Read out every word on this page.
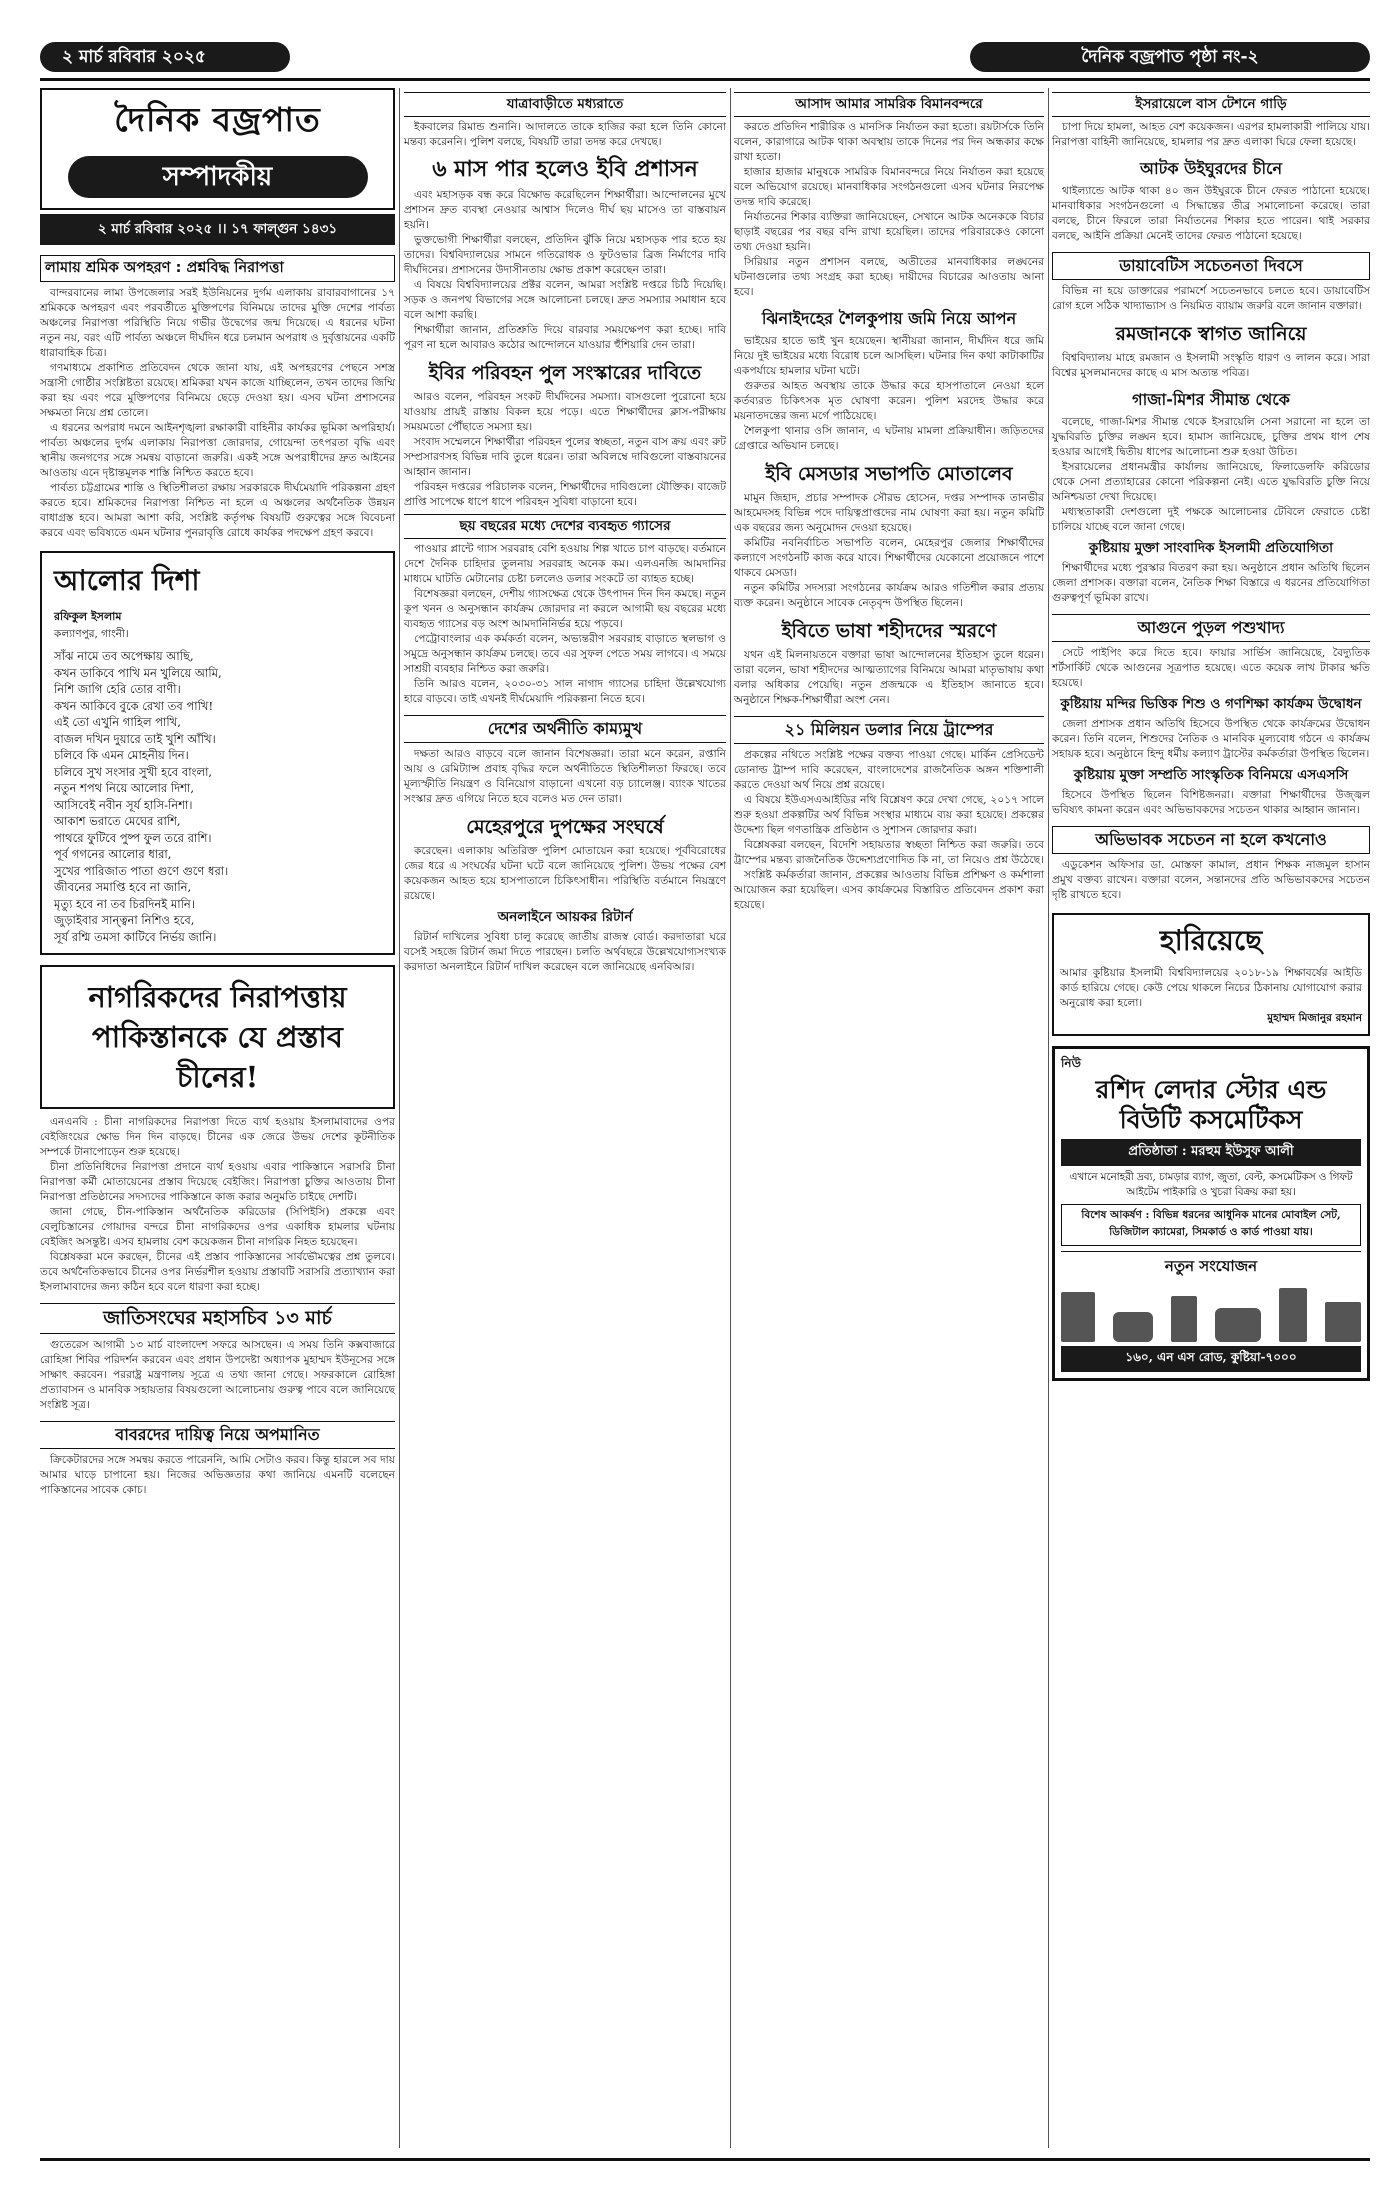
২ মার্চ রবিবার ২০২৫	দৈনিক বজ্রপাত পৃষ্ঠা নং-২
দৈনিক বজ্রপাত
সম্পাদকীয়
২ মার্চ রবিবার ২০২৫ ।। ১৭ ফাল্গুন ১৪৩১
লামায় শ্রমিক অপহরণ : প্রশ্নবিদ্ধ নিরাপত্তা

বান্দরবানের লামা উপজেলার সরই ইউনিয়নের দুর্গম এলাকায় রাবারবাগানের ১৭ শ্রমিককে অপহরণ এবং পরবর্তীতে মুক্তিপণের বিনিময়ে তাদের মুক্তি দেশের পার্বত্য অঞ্চলের নিরাপত্তা পরিস্থিতি নিয়ে গভীর উদ্বেগের জন্ম দিয়েছে। এ ধরনের ঘটনা নতুন নয়, বরং এটি পার্বত্য অঞ্চলে দীর্ঘদিন ধরে চলমান অপরাধ ও দুর্বৃত্তায়নের একটি ধারাবাহিক চিত্র।

গণমাধ্যমে প্রকাশিত প্রতিবেদন থেকে জানা যায়, এই অপহরণের পেছনে সশস্ত্র সন্ত্রাসী গোষ্ঠীর সংশ্লিষ্টতা রয়েছে। শ্রমিকরা যখন কাজে যাচ্ছিলেন, তখন তাদের জিম্মি করা হয় এবং পরে মুক্তিপণের বিনিময়ে ছেড়ে দেওয়া হয়। এসব ঘটনা প্রশাসনের সক্ষমতা নিয়ে প্রশ্ন তোলে।

এ ধরনের অপরাধ দমনে আইনশৃঙ্খলা রক্ষাকারী বাহিনীর কার্যকর ভূমিকা অপরিহার্য। পার্বত্য অঞ্চলের দুর্গম এলাকায় নিরাপত্তা জোরদার, গোয়েন্দা তৎপরতা বৃদ্ধি এবং স্থানীয় জনগণের সঙ্গে সমন্বয় বাড়ানো জরুরি। একই সঙ্গে অপরাধীদের দ্রুত আইনের আওতায় এনে দৃষ্টান্তমূলক শাস্তি নিশ্চিত করতে হবে।

পার্বত্য চট্টগ্রামের শান্তি ও স্থিতিশীলতা রক্ষায় সরকারকে দীর্ঘমেয়াদি পরিকল্পনা গ্রহণ করতে হবে। শ্রমিকদের নিরাপত্তা নিশ্চিত না হলে এ অঞ্চলের অর্থনৈতিক উন্নয়ন বাধাগ্রস্ত হবে। আমরা আশা করি, সংশ্লিষ্ট কর্তৃপক্ষ বিষয়টি গুরুত্বের সঙ্গে বিবেচনা করবে এবং ভবিষ্যতে এমন ঘটনার পুনরাবৃত্তি রোধে কার্যকর পদক্ষেপ গ্রহণ করবে।

আলোর দিশা
রফিকুল ইসলাম
কল্যাণপুর, গাংনী।
সাঁঝ নামে তব অপেক্ষায় আছি,
কখন ডাকিবে পাখি মন খুলিয়ে আমি,
নিশি জাগি হেরি তোর বাণী।
কখন আকিবে বুকে রেখা তব পাখি!
এই তো এখুনি গাহিল পাখি,
বাজল দখিন দুয়ারে তাই খুশি আঁখি।
চলিবে কি এমন মোহনীয় দিন।
চলিবে সুখ সংসার সুখী হবে বাংলা,
নতুন শপথ নিয়ে আলোর দিশা,
আসিবেই নবীন সূর্য হাসি-নিশা।
আকাশ ভরাতে মেঘের রাশি,
পাথরে ফুটিবে পুষ্প ফুল তরে রাশি।
পূর্ব গগনের আলোর ধারা,
সুখের পারিজাত পাতা গুণে গুণে ধরা।
জীবনের সমাপ্তি হবে না জানি,
মৃত্যু হবে না তব চিরদিনই মানি।
জুড়াইবার সান্ত্বনা নিশিও হবে,
সূর্য রশ্মি তমসা কাটিবে নির্ভয় জানি।
নাগরিকদের নিরাপত্তায় পাকিস্তানকে যে প্রস্তাব চীনের!

এনএনবি : চীনা নাগরিকদের নিরাপত্তা দিতে ব্যর্থ হওয়ায় ইসলামাবাদের ওপর বেইজিংয়ের ক্ষোভ দিন দিন বাড়ছে। চীনের এক জেরে উভয় দেশের কূটনীতিক সম্পর্কে টানাপোড়েন শুরু হয়েছে।

চীনা প্রতিনিধিদের নিরাপত্তা প্রদানে ব্যর্থ হওয়ায় এবার পাকিস্তানে সরাসরি চীনা নিরাপত্তা কর্মী মোতায়েনের প্রস্তাব দিয়েছে বেইজিং। নিরাপত্তা চুক্তির আওতায় চীনা নিরাপত্তা প্রতিষ্ঠানের সদস্যদের পাকিস্তানে কাজ করার অনুমতি চাইছে দেশটি।

জানা গেছে, চীন-পাকিস্তান অর্থনৈতিক করিডোর (সিপিইসি) প্রকল্পে এবং বেলুচিস্তানের গোয়াদর বন্দরে চীনা নাগরিকদের ওপর একাধিক হামলার ঘটনায় বেইজিং অসন্তুষ্ট। এসব হামলায় বেশ কয়েকজন চীনা নাগরিক নিহত হয়েছেন।

বিশ্লেষকরা মনে করছেন, চীনের এই প্রস্তাব পাকিস্তানের সার্বভৌমত্বের প্রশ্ন তুলবে। তবে অর্থনৈতিকভাবে চীনের ওপর নির্ভরশীল হওয়ায় প্রস্তাবটি সরাসরি প্রত্যাখ্যান করা ইসলামাবাদের জন্য কঠিন হবে বলে ধারণা করা হচ্ছে।

জাতিসংঘের মহাসচিব ১৩ মার্চ

গুতেরেস আগামী ১৩ মার্চ বাংলাদেশ সফরে আসছেন। এ সময় তিনি কক্সবাজারে রোহিঙ্গা শিবির পরিদর্শন করবেন এবং প্রধান উপদেষ্টা অধ্যাপক মুহাম্মদ ইউনূসের সঙ্গে সাক্ষাৎ করবেন। পররাষ্ট্র মন্ত্রণালয় সূত্রে এ তথ্য জানা গেছে। সফরকালে রোহিঙ্গা প্রত্যাবাসন ও মানবিক সহায়তার বিষয়গুলো আলোচনায় গুরুত্ব পাবে বলে জানিয়েছে সংশ্লিষ্ট সূত্র।

বাবরদের দায়িত্ব নিয়ে অপমানিত

ক্রিকেটারদের সঙ্গে সমন্বয় করতে পারেননি, আমি সেটাও করব। কিন্তু হারলে সব দায় আমার ঘাড়ে চাপানো হয়। নিজের অভিজ্ঞতার কথা জানিয়ে এমনটি বলেছেন পাকিস্তানের সাবেক কোচ।

যাত্রাবাড়ীতে মধ্যরাতে

ইকবালের রিমান্ড শুনানি। আদালতে তাকে হাজির করা হলে তিনি কোনো মন্তব্য করেননি। পুলিশ বলছে, বিষয়টি তারা তদন্ত করে দেখছে।

৬ মাস পার হলেও ইবি প্রশাসন

এবং মহাসড়ক বন্ধ করে বিক্ষোভ করেছিলেন শিক্ষার্থীরা। আন্দোলনের মুখে প্রশাসন দ্রুত ব্যবস্থা নেওয়ার আশ্বাস দিলেও দীর্ঘ ছয় মাসেও তা বাস্তবায়ন হয়নি।

ভুক্তভোগী শিক্ষার্থীরা বলছেন, প্রতিদিন ঝুঁকি নিয়ে মহাসড়ক পার হতে হয় তাদের। বিশ্ববিদ্যালয়ের সামনে গতিরোধক ও ফুটওভার ব্রিজ নির্মাণের দাবি দীর্ঘদিনের। প্রশাসনের উদাসীনতায় ক্ষোভ প্রকাশ করেছেন তারা।

এ বিষয়ে বিশ্ববিদ্যালয়ের প্রক্টর বলেন, আমরা সংশ্লিষ্ট দপ্তরে চিঠি দিয়েছি। সড়ক ও জনপথ বিভাগের সঙ্গে আলোচনা চলছে। দ্রুত সমস্যার সমাধান হবে বলে আশা করছি।

শিক্ষার্থীরা জানান, প্রতিশ্রুতি দিয়ে বারবার সময়ক্ষেপণ করা হচ্ছে। দাবি পূরণ না হলে আবারও কঠোর আন্দোলনে যাওয়ার হুঁশিয়ারি দেন তারা।

ইবির পরিবহন পুল সংস্কারের দাবিতে

আরও বলেন, পরিবহন সংকট দীর্ঘদিনের সমস্যা। বাসগুলো পুরোনো হয়ে যাওয়ায় প্রায়ই রাস্তায় বিকল হয়ে পড়ে। এতে শিক্ষার্থীদের ক্লাস-পরীক্ষায় সময়মতো পৌঁছাতে সমস্যা হয়।

সংবাদ সম্মেলনে শিক্ষার্থীরা পরিবহন পুলের স্বচ্ছতা, নতুন বাস ক্রয় এবং রুট সম্প্রসারণসহ বিভিন্ন দাবি তুলে ধরেন। তারা অবিলম্বে দাবিগুলো বাস্তবায়নের আহ্বান জানান।

পরিবহন দপ্তরের পরিচালক বলেন, শিক্ষার্থীদের দাবিগুলো যৌক্তিক। বাজেট প্রাপ্তি সাপেক্ষে ধাপে ধাপে পরিবহন সুবিধা বাড়ানো হবে।

ছয় বছরের মধ্যে দেশের ব্যবহৃত গ্যাসের

পাওয়ার প্লান্টে গ্যাস সরবরাহ বেশি হওয়ায় শিল্প খাতে চাপ বাড়ছে। বর্তমানে দেশে দৈনিক চাহিদার তুলনায় সরবরাহ অনেক কম। এলএনজি আমদানির মাধ্যমে ঘাটতি মেটানোর চেষ্টা চললেও ডলার সংকটে তা ব্যাহত হচ্ছে।

বিশেষজ্ঞরা বলছেন, দেশীয় গ্যাসক্ষেত্র থেকে উৎপাদন দিন দিন কমছে। নতুন কূপ খনন ও অনুসন্ধান কার্যক্রম জোরদার না করলে আগামী ছয় বছরের মধ্যে ব্যবহৃত গ্যাসের বড় অংশ আমদানিনির্ভর হয়ে পড়বে।

পেট্রোবাংলার এক কর্মকর্তা বলেন, অভ্যন্তরীণ সরবরাহ বাড়াতে স্থলভাগ ও সমুদ্রে অনুসন্ধান কার্যক্রম চলছে। তবে এর সুফল পেতে সময় লাগবে। এ সময়ে সাশ্রয়ী ব্যবহার নিশ্চিত করা জরুরি।

তিনি আরও বলেন, ২০৩০-৩১ সাল নাগাদ গ্যাসের চাহিদা উল্লেখযোগ্য হারে বাড়বে। তাই এখনই দীর্ঘমেয়াদি পরিকল্পনা নিতে হবে।

দেশের অর্থনীতি কাম্যমুখ

দক্ষতা আরও বাড়বে বলে জানান বিশেষজ্ঞরা। তারা মনে করেন, রপ্তানি আয় ও রেমিট্যান্স প্রবাহ বৃদ্ধির ফলে অর্থনীতিতে স্থিতিশীলতা ফিরছে। তবে মূল্যস্ফীতি নিয়ন্ত্রণ ও বিনিয়োগ বাড়ানো এখনো বড় চ্যালেঞ্জ। ব্যাংক খাতের সংস্কার দ্রুত এগিয়ে নিতে হবে বলেও মত দেন তারা।

মেহেরপুরে দুপক্ষের সংঘর্ষে

করেছেন। এলাকায় অতিরিক্ত পুলিশ মোতায়েন করা হয়েছে। পূর্ববিরোধের জের ধরে এ সংঘর্ষের ঘটনা ঘটে বলে জানিয়েছে পুলিশ। উভয় পক্ষের বেশ কয়েকজন আহত হয়ে হাসপাতালে চিকিৎসাধীন। পরিস্থিতি বর্তমানে নিয়ন্ত্রণে রয়েছে।

অনলাইনে আয়কর রিটার্ন

রিটার্ন দাখিলের সুবিধা চালু করেছে জাতীয় রাজস্ব বোর্ড। করদাতারা ঘরে বসেই সহজে রিটার্ন জমা দিতে পারছেন। চলতি অর্থবছরে উল্লেখযোগ্যসংখ্যক করদাতা অনলাইনে রিটার্ন দাখিল করেছেন বলে জানিয়েছে এনবিআর।

আসাদ আমার সামরিক বিমানবন্দরে

করতে প্রতিদিন শারীরিক ও মানসিক নির্যাতন করা হতো। রয়টার্সকে তিনি বলেন, কারাগারে আটক থাকা অবস্থায় তাকে দিনের পর দিন অন্ধকার কক্ষে রাখা হতো।

হাজার হাজার মানুষকে সামরিক বিমানবন্দরে নিয়ে নির্যাতন করা হয়েছে বলে অভিযোগ রয়েছে। মানবাধিকার সংগঠনগুলো এসব ঘটনার নিরপেক্ষ তদন্ত দাবি করেছে।

নির্যাতনের শিকার ব্যক্তিরা জানিয়েছেন, সেখানে আটক অনেককে বিচার ছাড়াই বছরের পর বছর বন্দি রাখা হয়েছিল। তাদের পরিবারকেও কোনো তথ্য দেওয়া হয়নি।

সিরিয়ার নতুন প্রশাসন বলছে, অতীতের মানবাধিকার লঙ্ঘনের ঘটনাগুলোর তথ্য সংগ্রহ করা হচ্ছে। দায়ীদের বিচারের আওতায় আনা হবে।

ঝিনাইদহের শৈলকুপায় জমি নিয়ে আপন

ভাইয়ের হাতে ভাই খুন হয়েছেন। স্থানীয়রা জানান, দীর্ঘদিন ধরে জমি নিয়ে দুই ভাইয়ের মধ্যে বিরোধ চলে আসছিল। ঘটনার দিন কথা কাটাকাটির একপর্যায়ে হামলার ঘটনা ঘটে।

গুরুতর আহত অবস্থায় তাকে উদ্ধার করে হাসপাতালে নেওয়া হলে কর্তব্যরত চিকিৎসক মৃত ঘোষণা করেন। পুলিশ মরদেহ উদ্ধার করে ময়নাতদন্তের জন্য মর্গে পাঠিয়েছে।

শৈলকুপা থানার ওসি জানান, এ ঘটনায় মামলা প্রক্রিয়াধীন। জড়িতদের গ্রেপ্তারে অভিযান চলছে।

ইবি মেসডার সভাপতি মোতালেব

মামুন জিহাদ, প্রচার সম্পাদক সৌরভ হোসেন, দপ্তর সম্পাদক তানভীর আহমেদসহ বিভিন্ন পদে দায়িত্বপ্রাপ্তদের নাম ঘোষণা করা হয়। নতুন কমিটি এক বছরের জন্য অনুমোদন দেওয়া হয়েছে।

কমিটির নবনির্বাচিত সভাপতি বলেন, মেহেরপুর জেলার শিক্ষার্থীদের কল্যাণে সংগঠনটি কাজ করে যাবে। শিক্ষার্থীদের যেকোনো প্রয়োজনে পাশে থাকবে মেসডা।

নতুন কমিটির সদস্যরা সংগঠনের কার্যক্রম আরও গতিশীল করার প্রত্যয় ব্যক্ত করেন। অনুষ্ঠানে সাবেক নেতৃবৃন্দ উপস্থিত ছিলেন।

ইবিতে ভাষা শহীদদের স্মরণে

যথন এই মিলনায়তনে বক্তারা ভাষা আন্দোলনের ইতিহাস তুলে ধরেন। তারা বলেন, ভাষা শহীদদের আত্মত্যাগের বিনিময়ে আমরা মাতৃভাষায় কথা বলার অধিকার পেয়েছি। নতুন প্রজন্মকে এ ইতিহাস জানাতে হবে। অনুষ্ঠানে শিক্ষক-শিক্ষার্থীরা অংশ নেন।

২১ মিলিয়ন ডলার নিয়ে ট্রাম্পের

প্রকল্পের নথিতে সংশ্লিষ্ট পক্ষের বক্তব্য পাওয়া গেছে। মার্কিন প্রেসিডেন্ট ডোনাল্ড ট্রাম্প দাবি করেছেন, বাংলাদেশের রাজনৈতিক অঙ্গন শক্তিশালী করতে দেওয়া অর্থ নিয়ে প্রশ্ন রয়েছে।

এ বিষয়ে ইউএসএআইডির নথি বিশ্লেষণ করে দেখা গেছে, ২০১৭ সালে শুরু হওয়া প্রকল্পটির অর্থ বিভিন্ন সংস্থার মাধ্যমে ব্যয় করা হয়েছে। প্রকল্পের উদ্দেশ্য ছিল গণতান্ত্রিক প্রতিষ্ঠান ও সুশাসন জোরদার করা।

বিশ্লেষকরা বলছেন, বিদেশি সহায়তার স্বচ্ছতা নিশ্চিত করা জরুরি। তবে ট্রাম্পের মন্তব্য রাজনৈতিক উদ্দেশ্যপ্রণোদিত কি না, তা নিয়েও প্রশ্ন উঠেছে।

সংশ্লিষ্ট কর্মকর্তারা জানান, প্রকল্পের আওতায় বিভিন্ন প্রশিক্ষণ ও কর্মশালা আয়োজন করা হয়েছিল। এসব কার্যক্রমের বিস্তারিত প্রতিবেদন প্রকাশ করা হয়েছে।

ইসরায়েলে বাস টেশনে গাড়ি

চাপা দিয়ে হামলা, আহত বেশ কয়েকজন। এরপর হামলাকারী পালিয়ে যায়। নিরাপত্তা বাহিনী জানিয়েছে, হামলার পর দ্রুত এলাকা ঘিরে ফেলা হয়েছে।

আটক উইঘুরদের চীনে

থাইল্যান্ডে আটক থাকা ৪০ জন উইঘুরকে চীনে ফেরত পাঠানো হয়েছে। মানবাধিকার সংগঠনগুলো এ সিদ্ধান্তের তীব্র সমালোচনা করেছে। তারা বলছে, চীনে ফিরলে তারা নির্যাতনের শিকার হতে পারেন। থাই সরকার বলছে, আইনি প্রক্রিয়া মেনেই তাদের ফেরত পাঠানো হয়েছে।

ডায়াবেটিস সচেতনতা দিবসে

বিভিন্ন না হয়ে ডাক্তারের পরামর্শে সচেতনভাবে চলতে হবে। ডায়াবেটিস রোগ হলে সঠিক খাদ্যাভ্যাস ও নিয়মিত ব্যায়াম জরুরি বলে জানান বক্তারা।

রমজানকে স্বাগত জানিয়ে

বিশ্ববিদ্যালয় মাহে রমজান ও ইসলামী সংস্কৃতি ধারণ ও লালন করে। সারা বিশ্বের মুসলমানদের কাছে এ মাস অত্যন্ত পবিত্র।

গাজা-মিশর সীমান্ত থেকে

বলেছে, গাজা-মিশর সীমান্ত থেকে ইসরায়েলি সেনা সরানো না হলে তা যুদ্ধবিরতি চুক্তির লঙ্ঘন হবে। হামাস জানিয়েছে, চুক্তির প্রথম ধাপ শেষ হওয়ার আগেই দ্বিতীয় ধাপের আলোচনা শুরু হওয়া উচিত।

ইসরায়েলের প্রধানমন্ত্রীর কার্যালয় জানিয়েছে, ফিলাডেলফি করিডোর থেকে সেনা প্রত্যাহারের কোনো পরিকল্পনা নেই। এতে যুদ্ধবিরতি চুক্তি নিয়ে অনিশ্চয়তা দেখা দিয়েছে।

মধ্যস্থতাকারী দেশগুলো দুই পক্ষকে আলোচনার টেবিলে ফেরাতে চেষ্টা চালিয়ে যাচ্ছে বলে জানা গেছে।

কুষ্টিয়ায় মুক্তা সাংবাদিক ইসলামী প্রতিযোগিতা

শিক্ষার্থীদের মধ্যে পুরস্কার বিতরণ করা হয়। অনুষ্ঠানে প্রধান অতিথি ছিলেন জেলা প্রশাসক। বক্তারা বলেন, নৈতিক শিক্ষা বিস্তারে এ ধরনের প্রতিযোগিতা গুরুত্বপূর্ণ ভূমিকা রাখে।

আগুনে পুড়ল পশুখাদ্য

সেটে পাইপিং করে দিতে হবে। ফায়ার সার্ভিস জানিয়েছে, বৈদ্যুতিক শর্টসার্কিট থেকে আগুনের সূত্রপাত হয়েছে। এতে কয়েক লাখ টাকার ক্ষতি হয়েছে।

কুষ্টিয়ায় মন্দির ভিত্তিক শিশু ও গণশিক্ষা কার্যক্রম উদ্বোধন

জেলা প্রশাসক প্রধান অতিথি হিসেবে উপস্থিত থেকে কার্যক্রমের উদ্বোধন করেন। তিনি বলেন, শিশুদের নৈতিক ও মানবিক মূল্যবোধ গঠনে এ কার্যক্রম সহায়ক হবে। অনুষ্ঠানে হিন্দু ধর্মীয় কল্যাণ ট্রাস্টের কর্মকর্তারা উপস্থিত ছিলেন।

কুষ্টিয়ায় মুক্তা সম্প্রতি সাংস্কৃতিক বিনিময়ে এসএসসি

হিসেবে উপস্থিত ছিলেন বিশিষ্টজনরা। বক্তারা শিক্ষার্থীদের উজ্জ্বল ভবিষ্যৎ কামনা করেন এবং অভিভাবকদের সচেতন থাকার আহ্বান জানান।

অভিভাবক সচেতন না হলে কখনোও

এডুকেশন অফিসার ডা. মোস্তফা কামাল, প্রধান শিক্ষক নাজমুল হাসান প্রমুখ বক্তব্য রাখেন। বক্তারা বলেন, সন্তানদের প্রতি অভিভাবকদের সচেতন দৃষ্টি রাখতে হবে।

হারিয়েছে
আমার কুষ্টিয়ার ইসলামী বিশ্ববিদ্যালয়ের ২০১৮-১৯ শিক্ষাবর্ষের আইডি কার্ড হারিয়ে গেছে। কেউ পেয়ে থাকলে নিচের ঠিকানায় যোগাযোগ করার অনুরোধ করা হলো।
মুহাম্মদ মিজানুর রহমান
নিউ
রশিদ লেদার স্টোর এন্ড বিউটি কসমেটিকস
প্রতিষ্ঠাতা : মরহুম ইউসুফ আলী
এখানে মনোহরী দ্রব্য, চামড়ার ব্যাগ, জুতা, বেল্ট, কসমেটিকস ও গিফট আইটেম পাইকারি ও খুচরা বিক্রয় করা হয়।
বিশেষ আকর্ষণ : বিভিন্ন ধরনের আধুনিক মানের মোবাইল সেট, ডিজিটাল ক্যামেরা, সিমকার্ড ও কার্ড পাওয়া যায়।
নতুন সংযোজন
১৬০, এন এস রোড, কুষ্টিয়া-৭০০০
